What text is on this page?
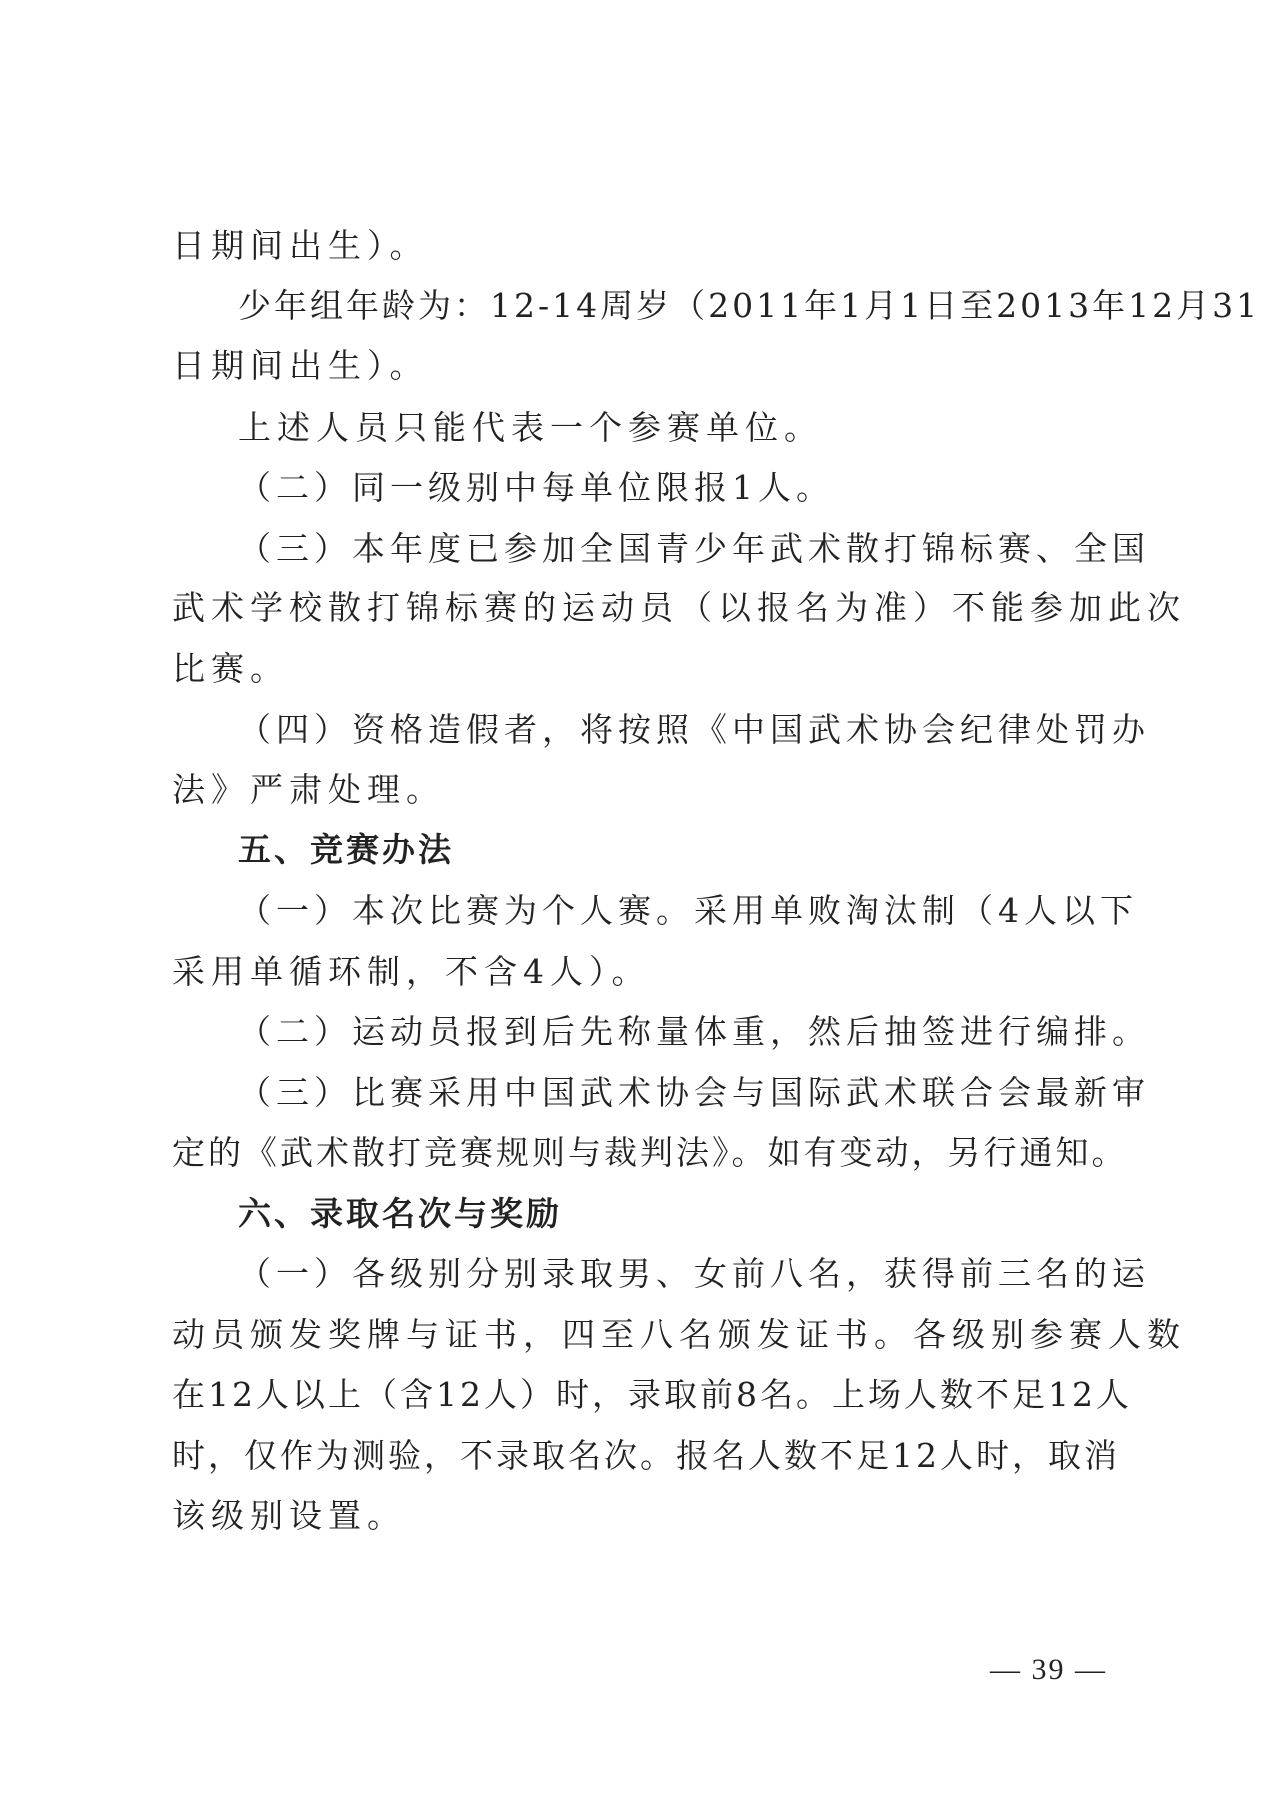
日期间出生）。
少年组年龄为：12-14周岁（2011年1月1日至2013年12月31
日期间出生）。
上述人员只能代表一个参赛单位。
（二）同一级别中每单位限报1人。
（三）本年度已参加全国青少年武术散打锦标赛、全国
武术学校散打锦标赛的运动员（以报名为准）不能参加此次
比赛。
（四）资格造假者，将按照《中国武术协会纪律处罚办
法》严肃处理。
五、竞赛办法
（一）本次比赛为个人赛。采用单败淘汰制（4人以下
采用单循环制，不含4人）。
（二）运动员报到后先称量体重，然后抽签进行编排。
（三）比赛采用中国武术协会与国际武术联合会最新审
定的《武术散打竞赛规则与裁判法》。如有变动，另行通知。
六、录取名次与奖励
（一）各级别分别录取男、女前八名，获得前三名的运
动员颁发奖牌与证书，四至八名颁发证书。各级别参赛人数
在12人以上（含12人）时，录取前8名。上场人数不足12人
时，仅作为测验，不录取名次。报名人数不足12人时，取消
该级别设置。
— 39 —
